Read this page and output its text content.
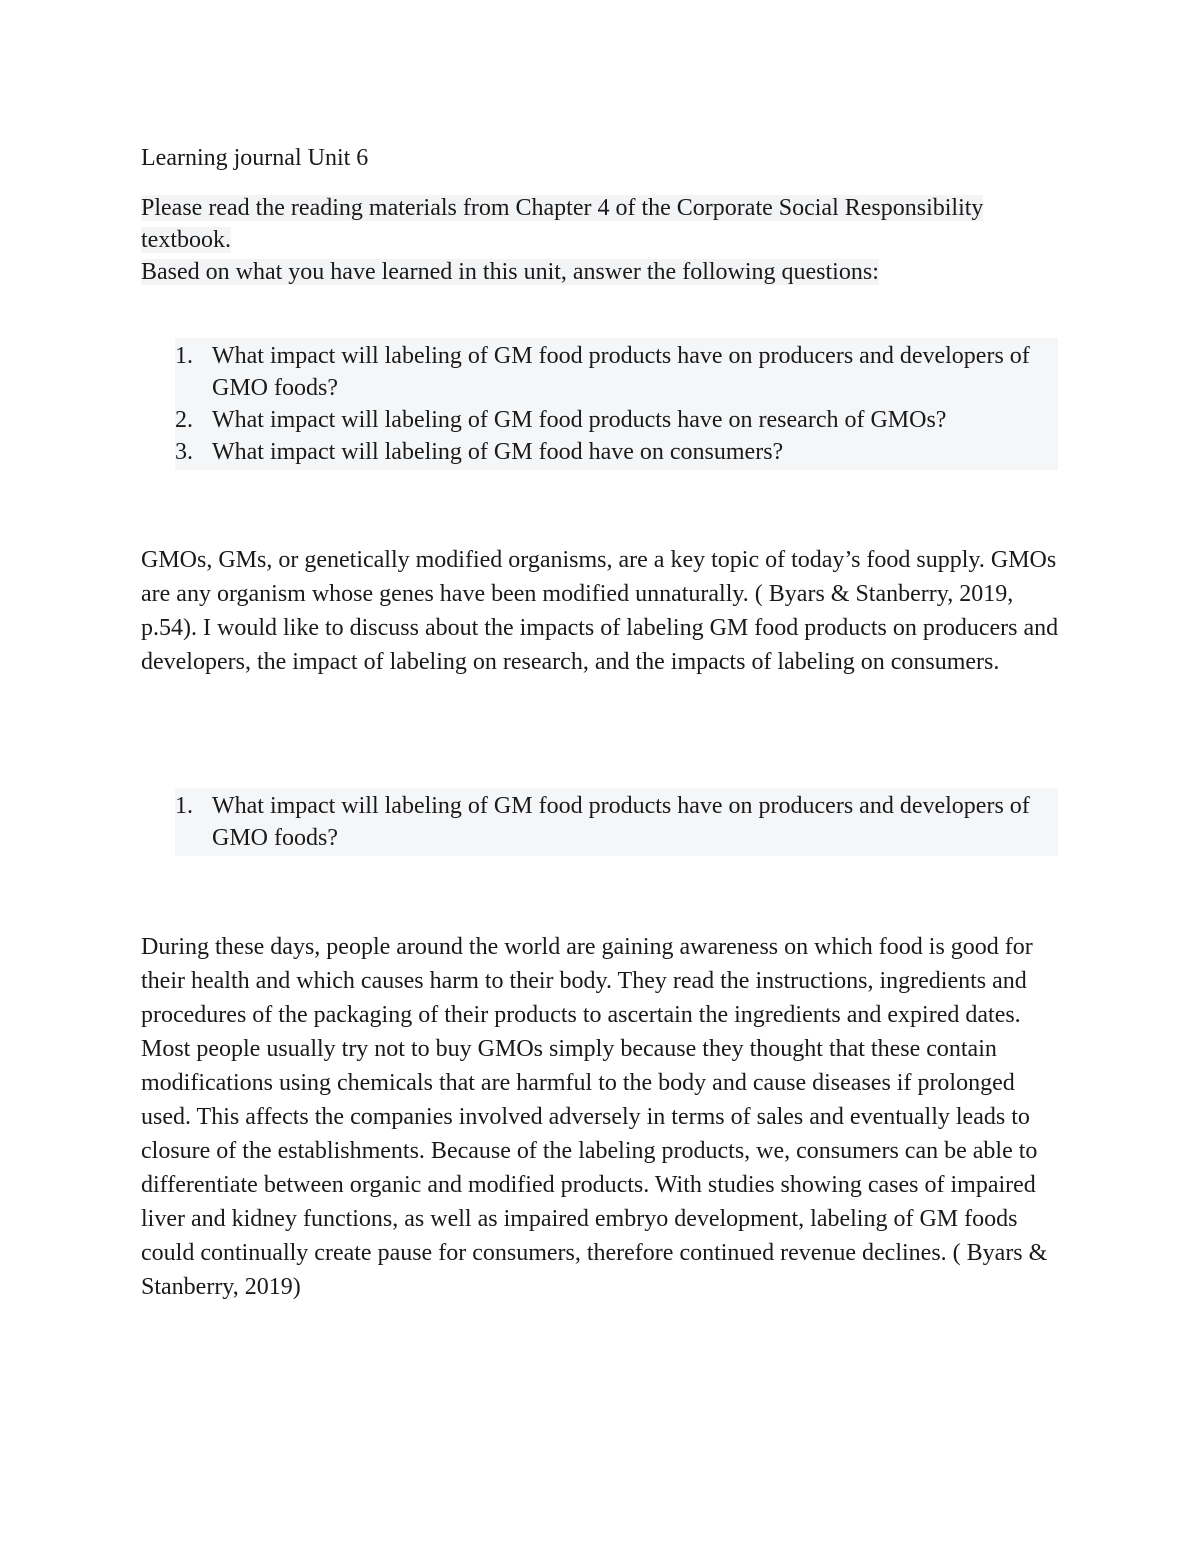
Learning journal Unit 6
Please read the reading materials from Chapter 4 of the Corporate Social Responsibility textbook.
Based on what you have learned in this unit, answer the following questions:
1. What impact will labeling of GM food products have on producers and developers of GMO foods?
2. What impact will labeling of GM food products have on research of GMOs?
3. What impact will labeling of GM food have on consumers?

GMOs, GMs, or genetically modified organisms, are a key topic of today’s food supply. GMOs are any organism whose genes have been modified unnaturally. ( Byars & Stanberry, 2019, p.54). I would like to discuss about the impacts of labeling GM food products on producers and developers, the impact of labeling on research, and the impacts of labeling on consumers.

1. What impact will labeling of GM food products have on producers and developers of GMO foods?

During these days, people around the world are gaining awareness on which food is good for their health and which causes harm to their body. They read the instructions, ingredients and procedures of the packaging of their products to ascertain the ingredients and expired dates. Most people usually try not to buy GMOs simply because they thought that these contain modifications using chemicals that are harmful to the body and cause diseases if prolonged used. This affects the companies involved adversely in terms of sales and eventually leads to closure of the establishments. Because of the labeling products, we, consumers can be able to differentiate between organic and modified products. With studies showing cases of impaired liver and kidney functions, as well as impaired embryo development, labeling of GM foods could continually create pause for consumers, therefore continued revenue declines. ( Byars & Stanberry, 2019)
